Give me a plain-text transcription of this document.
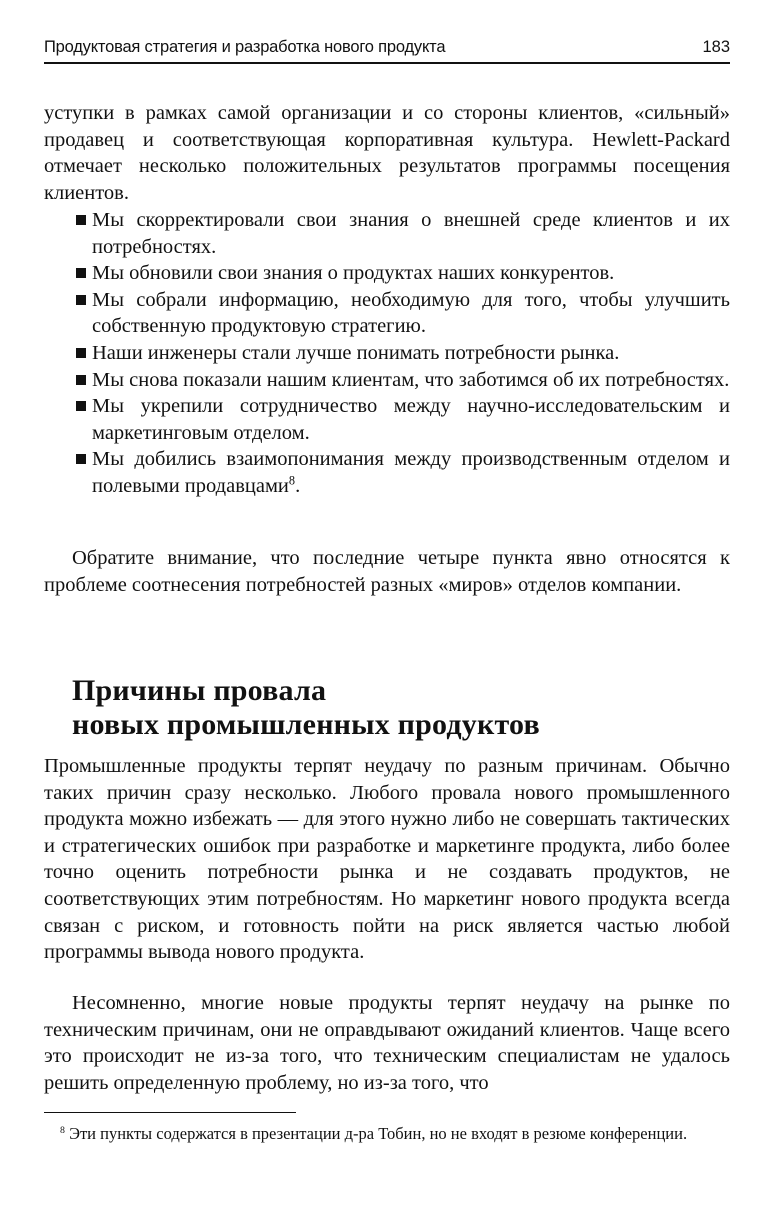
Продуктовая стратегия и разработка нового продукта	183

уступки в рамках самой организации и со стороны клиентов, «сильный» продавец и соответствующая корпоративная культура. Hewlett-Packard отмечает несколько положительных результатов программы посещения клиентов.

Мы скорректировали свои знания о внешней среде клиентов и их потребностях.
Мы обновили свои знания о продуктах наших конкурентов.
Мы собрали информацию, необходимую для того, чтобы улучшить собственную продуктовую стратегию.
Наши инженеры стали лучше понимать потребности рынка.
Мы снова показали нашим клиентам, что заботимся об их потребностях.
Мы укрепили сотрудничество между научно-исследовательским и маркетинговым отделом.
Мы добились взаимопонимания между производственным отделом и полевыми продавцами$^8$.

Обратите внимание, что последние четыре пункта явно относятся к проблеме соотнесения потребностей разных «миров» отделов компании.

Причины провала
новых промышленных продуктов

Промышленные продукты терпят неудачу по разным причинам. Обычно таких причин сразу несколько. Любого провала нового промышленного продукта можно избежать — для этого нужно либо не совершать тактических и стратегических ошибок при разработке и маркетинге продукта, либо более точно оценить потребности рынка и не создавать продуктов, не соответствующих этим потребностям. Но маркетинг нового продукта всегда связан с риском, и готовность пойти на риск является частью любой программы вывода нового продукта.

Несомненно, многие новые продукты терпят неудачу на рынке по техническим причинам, они не оправдывают ожиданий клиентов. Чаще всего это происходит не из-за того, что техническим специалистам не удалось решить определенную проблему, но из-за того, что

$^8$ Эти пункты содержатся в презентации д-ра Тобин, но не входят в резюме конференции.
